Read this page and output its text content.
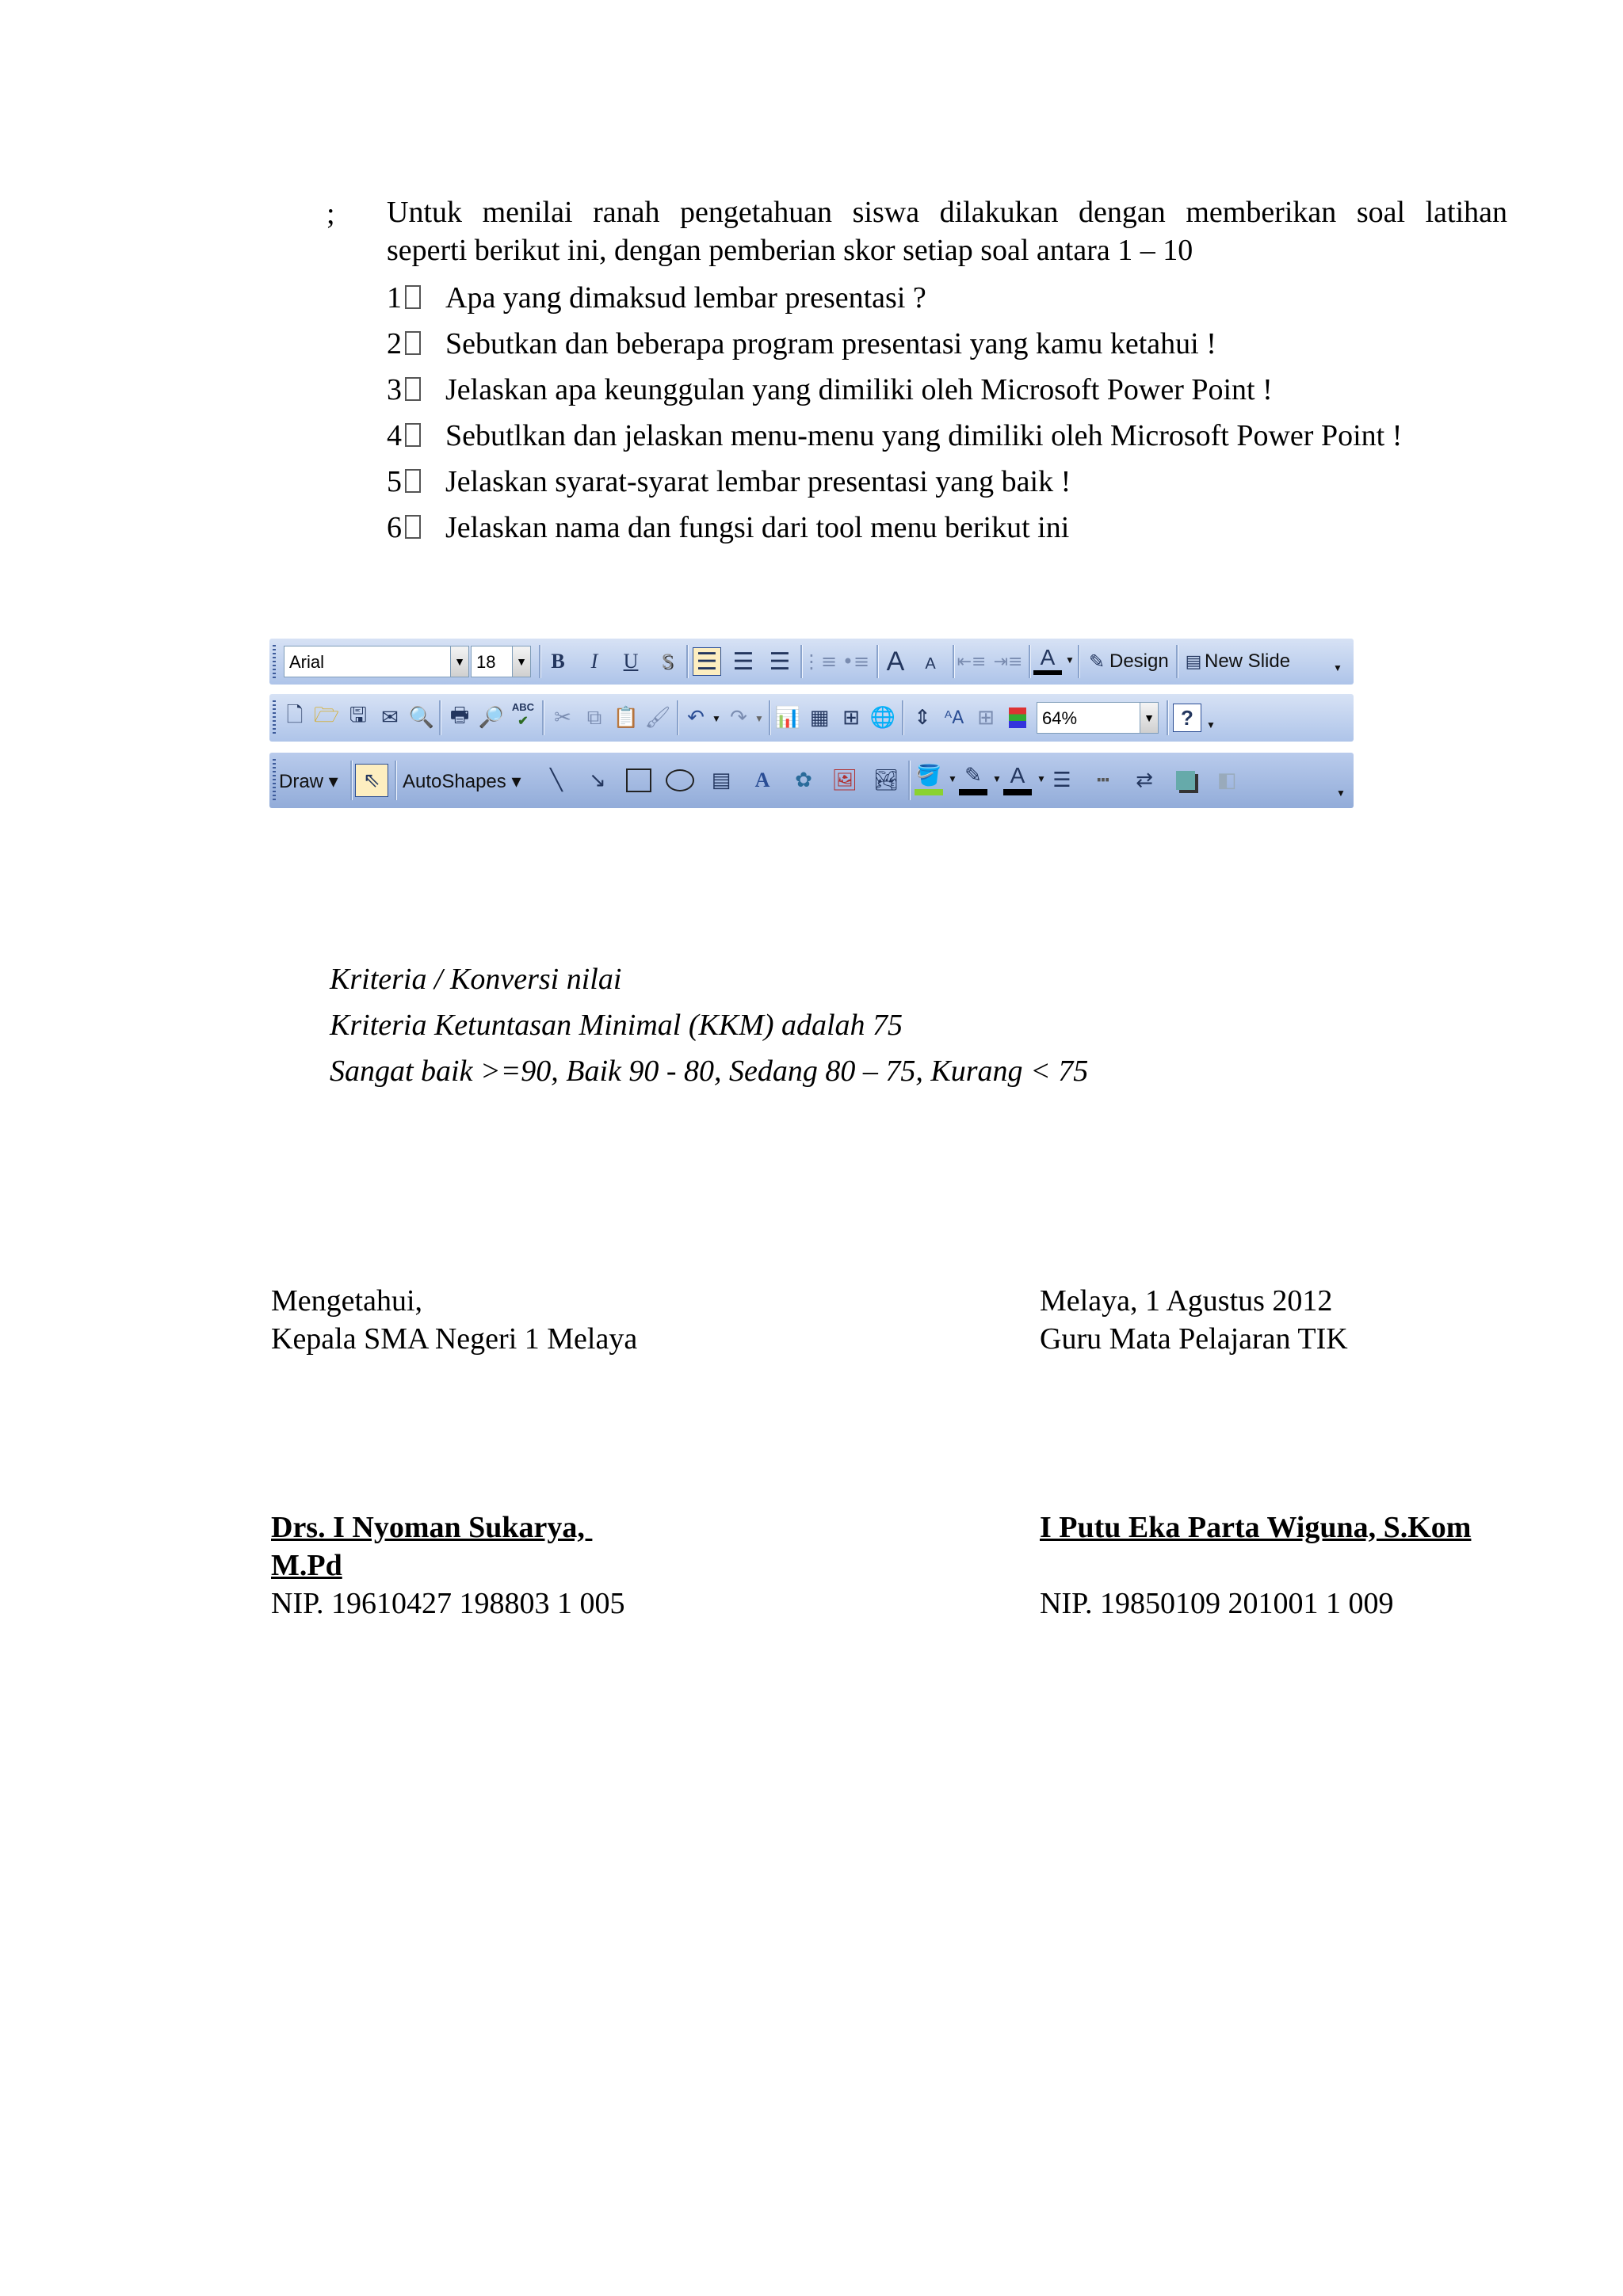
; Untuk menilai ranah pengetahuan siswa dilakukan dengan memberikan soal latihan
seperti berikut ini, dengan pemberian skor setiap soal antara 1 – 10
1	Apa yang dimaksud lembar presentasi ?
2	Sebutkan dan beberapa program presentasi yang kamu ketahui !
3	Jelaskan apa keunggulan yang dimiliki oleh Microsoft Power Point !
4	Sebutlkan dan jelaskan menu-menu yang dimiliki oleh Microsoft Power Point !
5	Jelaskan syarat-syarat lembar presentasi yang baik !
6	Jelaskan nama dan fungsi dari tool menu berikut ini
Arial	▼ 18	▼ B I U S ☰ ☰ ☰ ⋮≡ •≡ A A ⇤≡ ⇥≡ A ▼ ✎ Design ▤ New Slide	▼
🗋 🗁 🖫 ✉ 🔍 🖶 🔎 ABC
✔ ✂ ⧉ 📋 🖌 ↶ ▼ ↷ ▼ 📊 ▦ ⊞ 🌐 ⇕ ᴬA ⊞	64%	▼ ? ▼
Draw ▾ ⇖ AutoShapes ▾ ╲ ↘	▤ A ✿ 🖼 🏞 🪣 ▼ ✎ ▼ A ▼ ☰ ┅ ⇄	◧
▼
Kriteria / Konversi nilai
Kriteria Ketuntasan Minimal (KKM) adalah 75
Sangat baik >=90, Baik 90 - 80, Sedang 80 – 75, Kurang < 75
Mengetahui,
Kepala SMA Negeri 1 Melaya
Melaya, 1 Agustus 2012
Guru Mata Pelajaran TIK
Drs. I Nyoman Sukarya,
M.Pd
NIP. 19610427 198803 1 005
I Putu Eka Parta Wiguna, S.Kom
NIP. 19850109 201001 1 009
